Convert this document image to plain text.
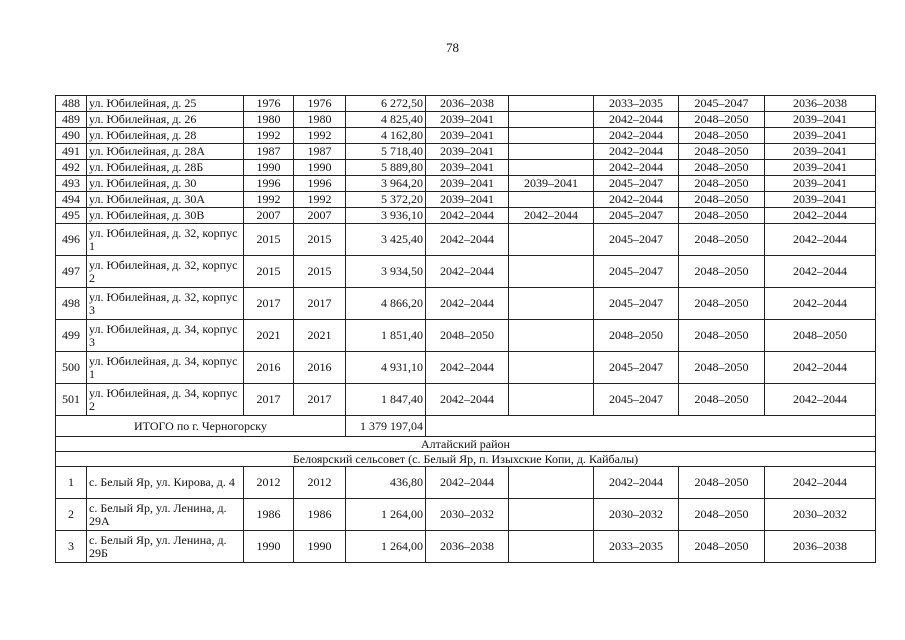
78
488	ул. Юбилейная, д. 25	1976	1976	6 272,50	2036–2038		2033–2035	2045–2047	2036–2038
489	ул. Юбилейная, д. 26	1980	1980	4 825,40	2039–2041		2042–2044	2048–2050	2039–2041
490	ул. Юбилейная, д. 28	1992	1992	4 162,80	2039–2041		2042–2044	2048–2050	2039–2041
491	ул. Юбилейная, д. 28А	1987	1987	5 718,40	2039–2041		2042–2044	2048–2050	2039–2041
492	ул. Юбилейная, д. 28Б	1990	1990	5 889,80	2039–2041		2042–2044	2048–2050	2039–2041
493	ул. Юбилейная, д. 30	1996	1996	3 964,20	2039–2041	2039–2041	2045–2047	2048–2050	2039–2041
494	ул. Юбилейная, д. 30А	1992	1992	5 372,20	2039–2041		2042–2044	2048–2050	2039–2041
495	ул. Юбилейная, д. 30В	2007	2007	3 936,10	2042–2044	2042–2044	2045–2047	2048–2050	2042–2044
496	ул. Юбилейная, д. 32, корпус 1	2015	2015	3 425,40	2042–2044		2045–2047	2048–2050	2042–2044
497	ул. Юбилейная, д. 32, корпус 2	2015	2015	3 934,50	2042–2044		2045–2047	2048–2050	2042–2044
498	ул. Юбилейная, д. 32, корпус 3	2017	2017	4 866,20	2042–2044		2045–2047	2048–2050	2042–2044
499	ул. Юбилейная, д. 34, корпус 3	2021	2021	1 851,40	2048–2050		2048–2050	2048–2050	2048–2050
500	ул. Юбилейная, д. 34, корпус 1	2016	2016	4 931,10	2042–2044		2045–2047	2048–2050	2042–2044
501	ул. Юбилейная, д. 34, корпус 2	2017	2017	1 847,40	2042–2044		2045–2047	2048–2050	2042–2044
ИТОГО по г. Черногорску				1 379 197,04					
Алтайский район									
Белоярский сельсовет (с. Белый Яр, п. Изыхские Копи, д. Кайбалы)									
1	с. Белый Яр, ул. Кирова, д. 4	2012	2012	436,80	2042–2044		2042–2044	2048–2050	2042–2044
2	с. Белый Яр, ул. Ленина, д. 29А	1986	1986	1 264,00	2030–2032		2030–2032	2048–2050	2030–2032
3	с. Белый Яр, ул. Ленина, д. 29Б	1990	1990	1 264,00	2036–2038		2033–2035	2048–2050	2036–2038
